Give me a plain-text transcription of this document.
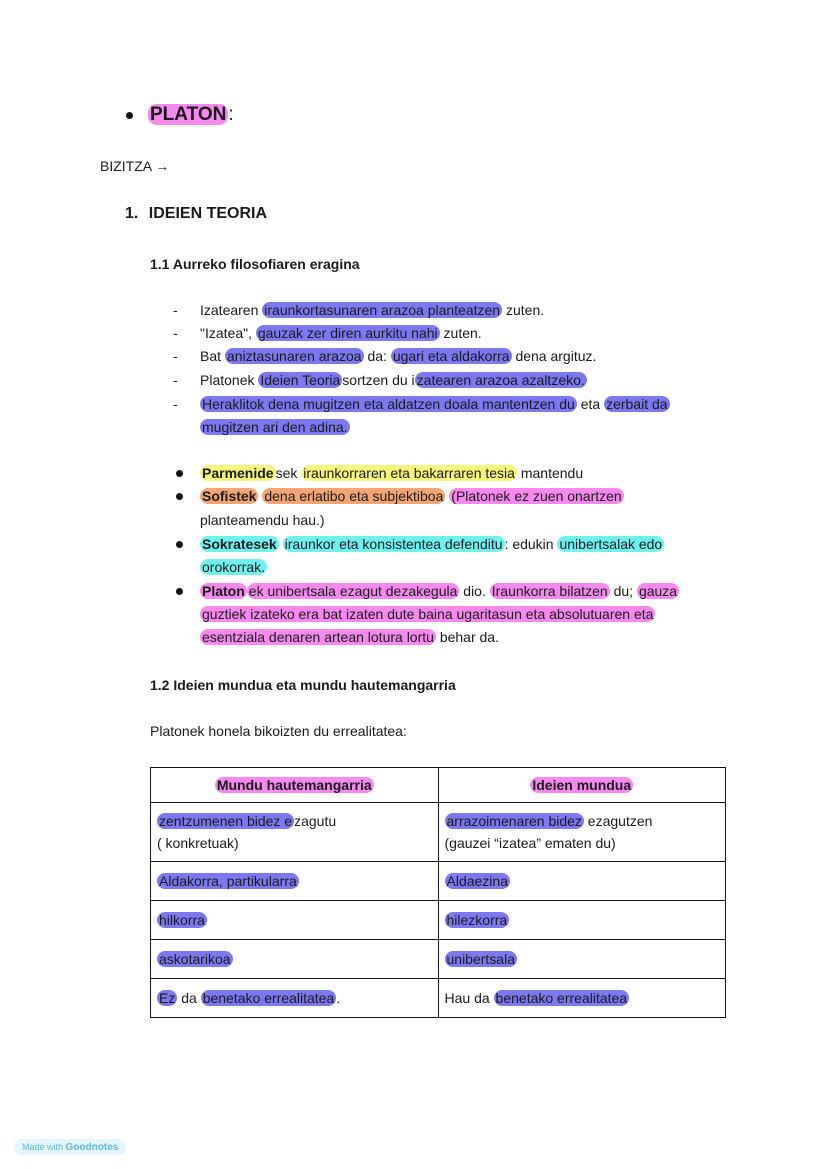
PLATON :
BIZITZA →
1. IDEIEN TEORIA
1.1 Aurreko filosofiaren eragina
- Izatearen iraunkortasunaren arazoa planteatzen zuten.
- "Izatea", gauzak zer diren aurkitu nahi zuten.
- Bat aniztasunaren arazoa da: ugari eta aldakorra dena argituz.
- Platonek Ideien Teoria sortzen du i zatearen arazoa azaltzeko.
- Heraklitok dena mugitzen eta aldatzen doala mantentzen du eta zerbait da
mugitzen ari den adina.
Parmenide sek iraunkorraren eta bakarraren tesia mantendu
Sofistek dena erlatibo eta subjektiboa (Platonek ez zuen onartzen
planteamendu hau.)
Sokratesek iraunkor eta konsistentea defenditu : edukin unibertsalak edo
orokorrak.
Platon ek unibertsala ezagut dezakegula dio. Iraunkorra bilatzen du; gauza
guztiek izateko era bat izaten dute baina ugaritasun eta absolutuaren eta
esentziala denaren artean lotura lortu behar da.
1.2 Ideien mundua eta mundu hautemangarria
Platonek honela bikoizten du errealitatea:
Mundu hautemangarria	Ideien mundua
zentzumenen bidez e zagutu
( konkretuak)	arrazoimenaren bidez ezagutzen
(gauzei “izatea” ematen du)
Aldakorra, partikularra	Aldaezina
hilkorra	hilezkorra
askotarikoa	unibertsala
Ez da benetako errealitatea .	Hau da benetako errealitatea
Made with Goodnotes
